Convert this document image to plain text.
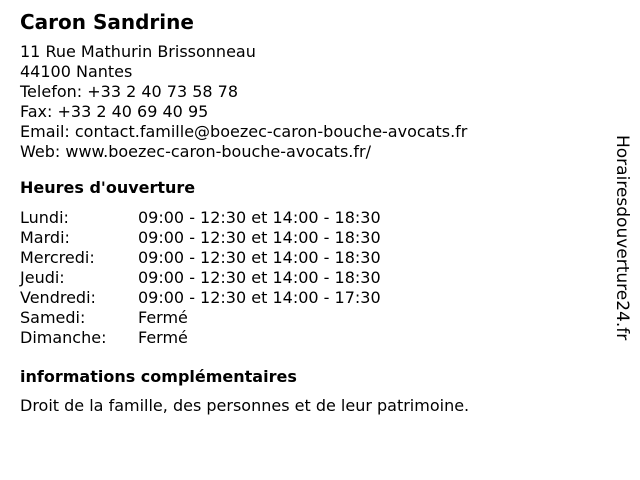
Caron Sandrine
11 Rue Mathurin Brissonneau
44100 Nantes
Telefon: +33 2 40 73 58 78
Fax: +33 2 40 69 40 95
Email: contact.famille@boezec-caron-bouche-avocats.fr
Web: www.boezec-caron-bouche-avocats.fr/
Heures d'ouverture
Lundi:	09:00 - 12:30 et 14:00 - 18:30
Mardi:	09:00 - 12:30 et 14:00 - 18:30
Mercredi:	09:00 - 12:30 et 14:00 - 18:30
Jeudi:	09:00 - 12:30 et 14:00 - 18:30
Vendredi:	09:00 - 12:30 et 14:00 - 17:30
Samedi:	Fermé
Dimanche:	Fermé
informations complémentaires
Droit de la famille, des personnes et de leur patrimoine.
Horairesdouverture24.fr
